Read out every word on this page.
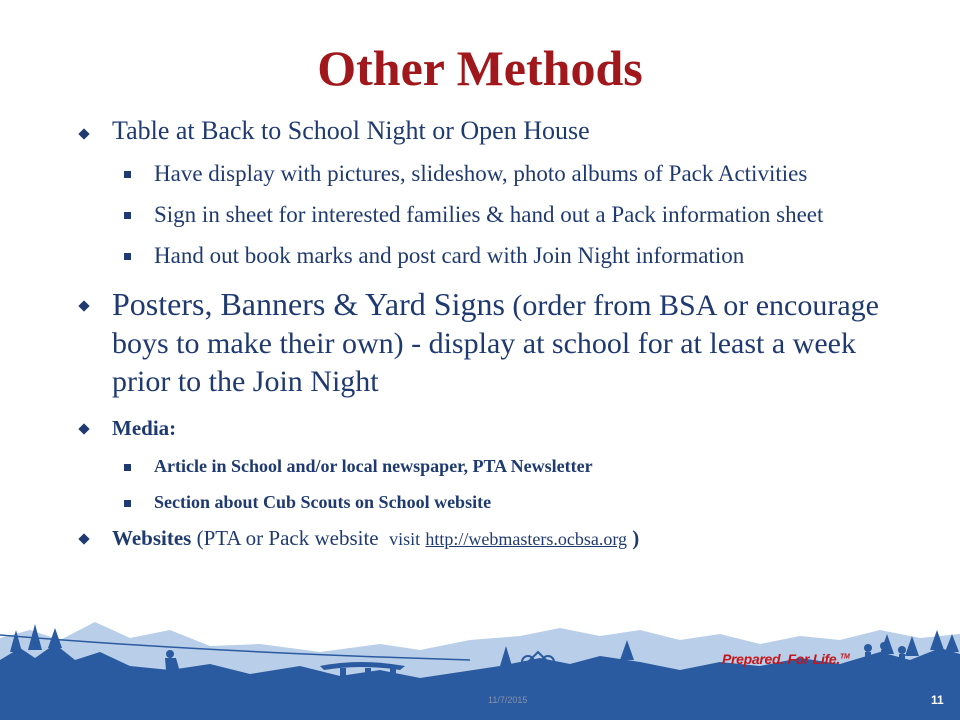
Other Methods
Table at Back to School Night or Open House
Have display with pictures, slideshow, photo albums of Pack Activities
Sign in sheet for interested families & hand out a Pack information sheet
Hand out book marks and post card with Join Night information
Posters, Banners & Yard Signs (order from BSA or encourage boys to make their own) - display at school for at least a week prior to the Join Night
Media:
Article in School and/or local newspaper, PTA Newsletter
Section about Cub Scouts on School website
Websites (PTA or Pack website visit http://webmasters.ocbsa.org )
Prepared. For Life.™
11/7/2015	11
